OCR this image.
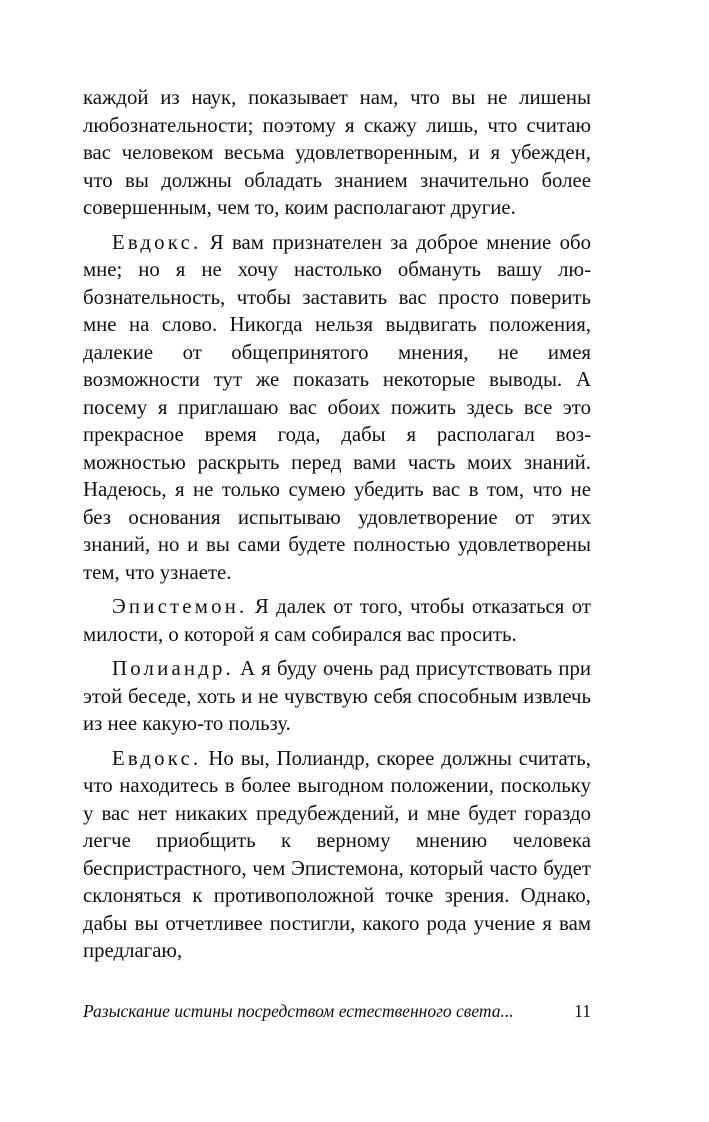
каждой из наук, показывает нам, что вы не лишены любознательности; поэтому я скажу лишь, что считаю вас человеком весьма удовлетворенным, и я убежден, что вы должны обладать знанием значительно более совершенным, чем то, коим располагают другие.

Евдокс. Я вам признателен за доброе мнение обо мне; но я не хочу настолько обмануть вашу любознательность, чтобы заставить вас просто поверить мне на слово. Никогда нельзя выдвигать положения, далекие от общепринятого мнения, не имея возможности тут же показать некоторые выводы. А посему я приглашаю вас обоих пожить здесь все это прекрасное время года, дабы я располагал возможностью раскрыть перед вами часть моих знаний. Надеюсь, я не только сумею убедить вас в том, что не без основания испытываю удовлетворение от этих знаний, но и вы сами будете полностью удовлетворены тем, что узнаете.

Эпистемон. Я далек от того, чтобы отказаться от милости, о которой я сам собирался вас просить.

Полиандр. А я буду очень рад присутствовать при этой беседе, хоть и не чувствую себя способным извлечь из нее какую-то пользу.

Евдокс. Но вы, Полиандр, скорее должны считать, что находитесь в более выгодном положении, поскольку у вас нет никаких предубеждений, и мне будет гораздо легче приобщить к верному мнению человека беспристрастного, чем Эпистемона, который часто будет склоняться к противоположной точке зрения. Однако, дабы вы отчетливее постигли, какого рода учение я вам предлагаю,

Разыскание истины посредством естественного света...	11
